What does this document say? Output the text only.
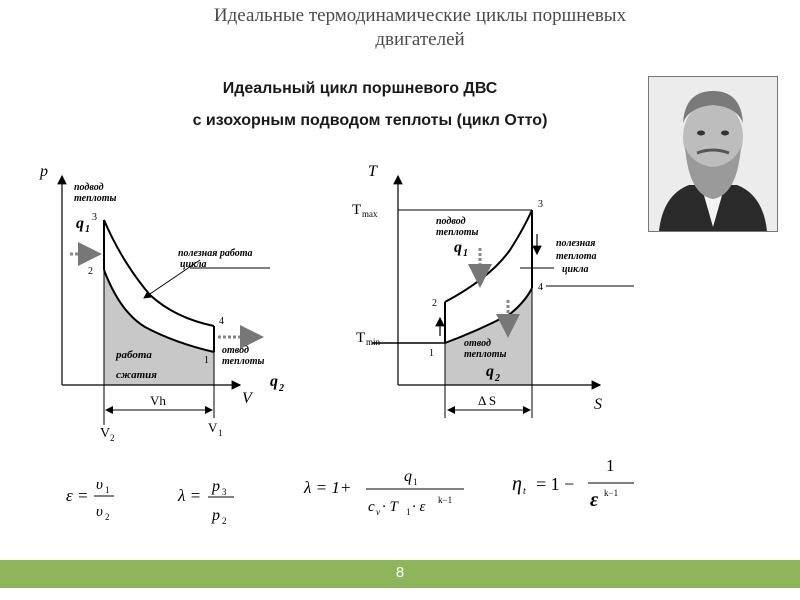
Идеальные термодинамические циклы поршневых
двигателей
Идеальный цикл поршневого ДВС
с изохорным подводом теплоты (цикл Отто)
p
V
подвод
теплоты
q 1
полезная работа
цикла
работа
сжатия
отвод
теплоты
q 2
1
2
3
4
Vh
V 2
V 1
T
S
T max
T min
подвод
теплоты
q 1
полезная
теплота
цикла
отвод
теплоты
q 2
1
2
3
4
Δ S
ε =
υ 1
υ 2
λ = p 3
p 2
λ = 1+
q 1
c v · T 1 · ε k−1
η t = 1 −
1
ε k−1
8
